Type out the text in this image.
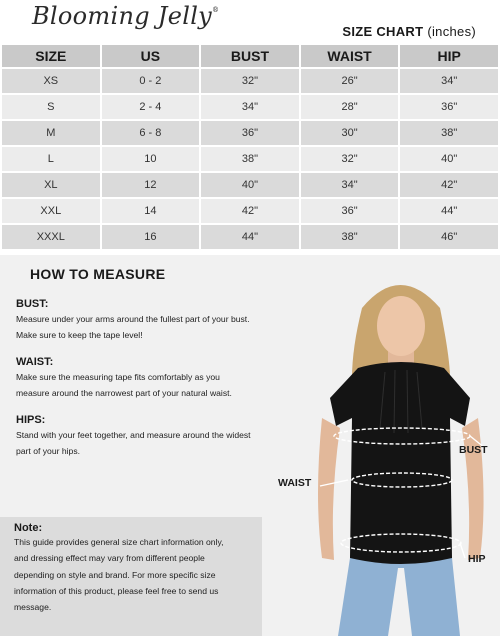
Blooming Jelly®
SIZE CHART (inches)
SIZE	US	BUST	WAIST	HIP
XS	0 - 2	32"	26"	34"
S	2 - 4	34"	28"	36"
M	6 - 8	36"	30"	38"
L	10	38"	32"	40"
XL	12	40"	34"	42"
XXL	14	42"	36"	44"
XXXL	16	44"	38"	46"
HOW TO MEASURE
BUST:
Measure under your arms around the fullest part of your bust.
Make sure to keep the tape level!
WAIST:
Make sure the measuring tape fits comfortably as you
measure around the narrowest part of your natural waist.
HIPS:
Stand with your feet together, and measure around the widest
part of your hips.
Note:
This guide provides general size chart information only,
and dressing effect may vary from different people
depending on style and brand. For more specific size
information of this product, please feel free to send us
message.
BUST
WAIST
HIP
